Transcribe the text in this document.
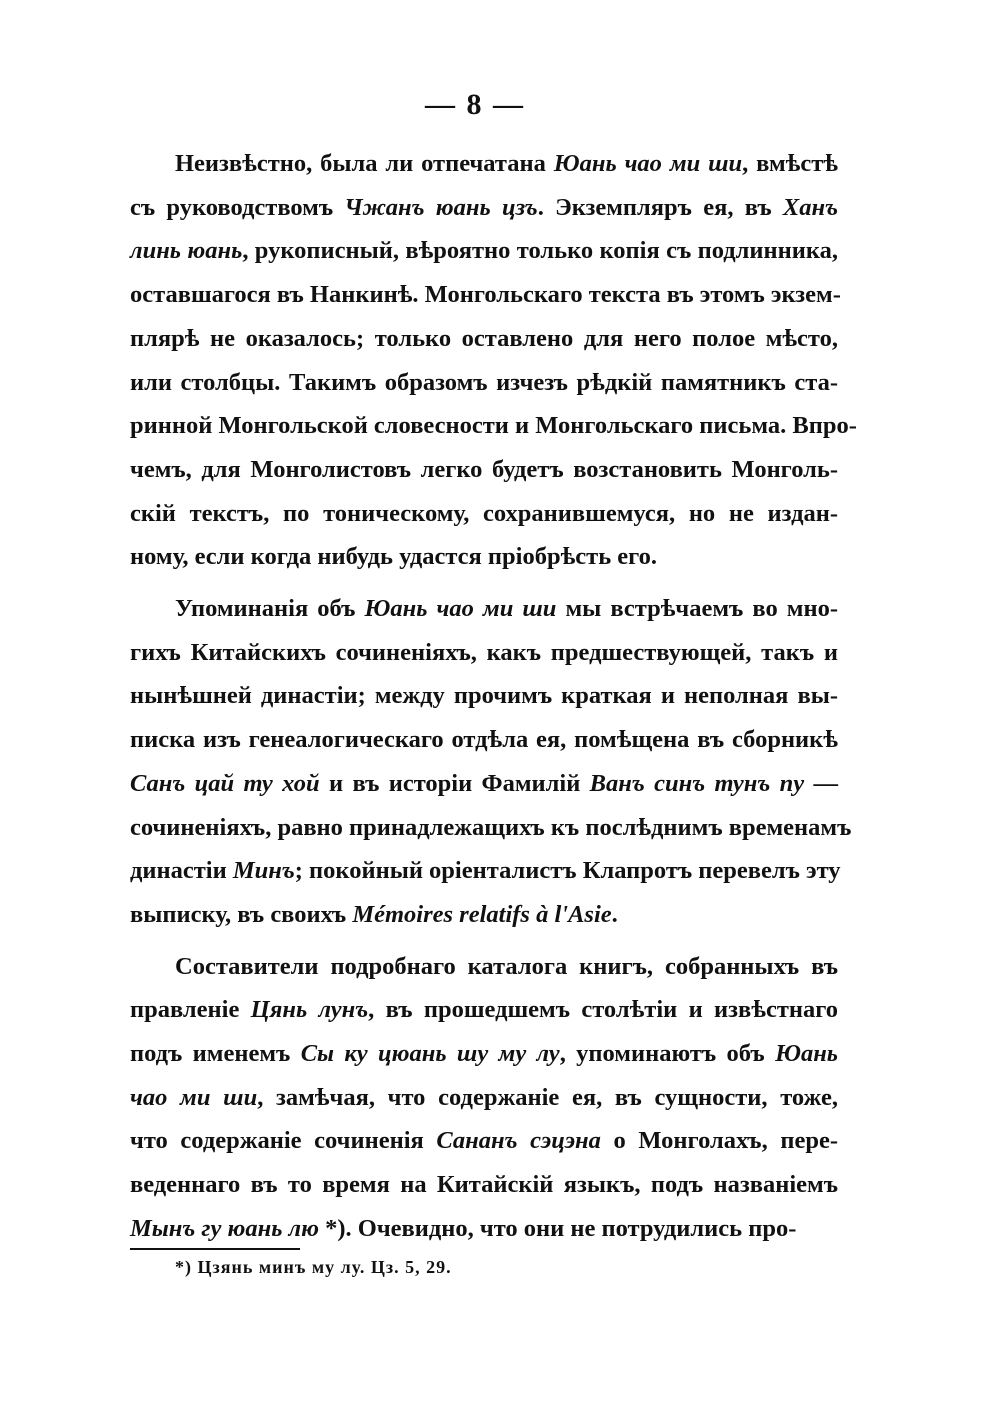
— 8 —

Неизвѣстно, была ли отпечатана Юань чао ми ши, вмѣстѣ
съ руководствомъ Чжанъ юань цзъ. Экземпляръ ея, въ Ханъ
линь юань, рукописный, вѣроятно только копія съ подлинника,
оставшагося въ Нанкинѣ. Монгольскаго текста въ этомъ экзем-
плярѣ не оказалось; только оставлено для него полое мѣсто,
или столбцы. Такимъ образомъ изчезъ рѣдкій памятникъ ста-
ринной Монгольской словесности и Монгольскаго письма. Впро-
чемъ, для Монголистовъ легко будетъ возстановить Монголь-
скій текстъ, по тоническому, сохранившемуся, но не издан-
ному, если когда нибудь удастся пріобрѣсть его.

Упоминанія объ Юань чао ми ши мы встрѣчаемъ во мно-
гихъ Китайскихъ сочиненіяхъ, какъ предшествующей, такъ и
нынѣшней династіи; между прочимъ краткая и неполная вы-
писка изъ генеалогическаго отдѣла ея, помѣщена въ сборникѣ
Санъ цай ту хой и въ исторіи Фамилій Ванъ синъ тунъ пу —
сочиненіяхъ, равно принадлежащихъ къ послѣднимъ временамъ
династіи Минъ; покойный оріенталистъ Клапротъ перевелъ эту
выписку, въ своихъ Mémoires relatifs à l'Asie.

Составители подробнаго каталога книгъ, собранныхъ въ
правленіе Цянь лунъ, въ прошедшемъ столѣтіи и извѣстнаго
подъ именемъ Сы ку цюань шу мy лу, упоминаютъ объ Юань
чао ми ши, замѣчая, что содержаніе ея, въ сущности, тоже,
что содержаніе сочиненія Сананъ сэцэна о Монголахъ, пере-
веденнаго въ то время на Китайскій языкъ, подъ названіемъ
Мынъ гу юань лю *). Очевидно, что они не потрудились про-

*) Цзянь минъ му лу. Цз. 5, 29.
